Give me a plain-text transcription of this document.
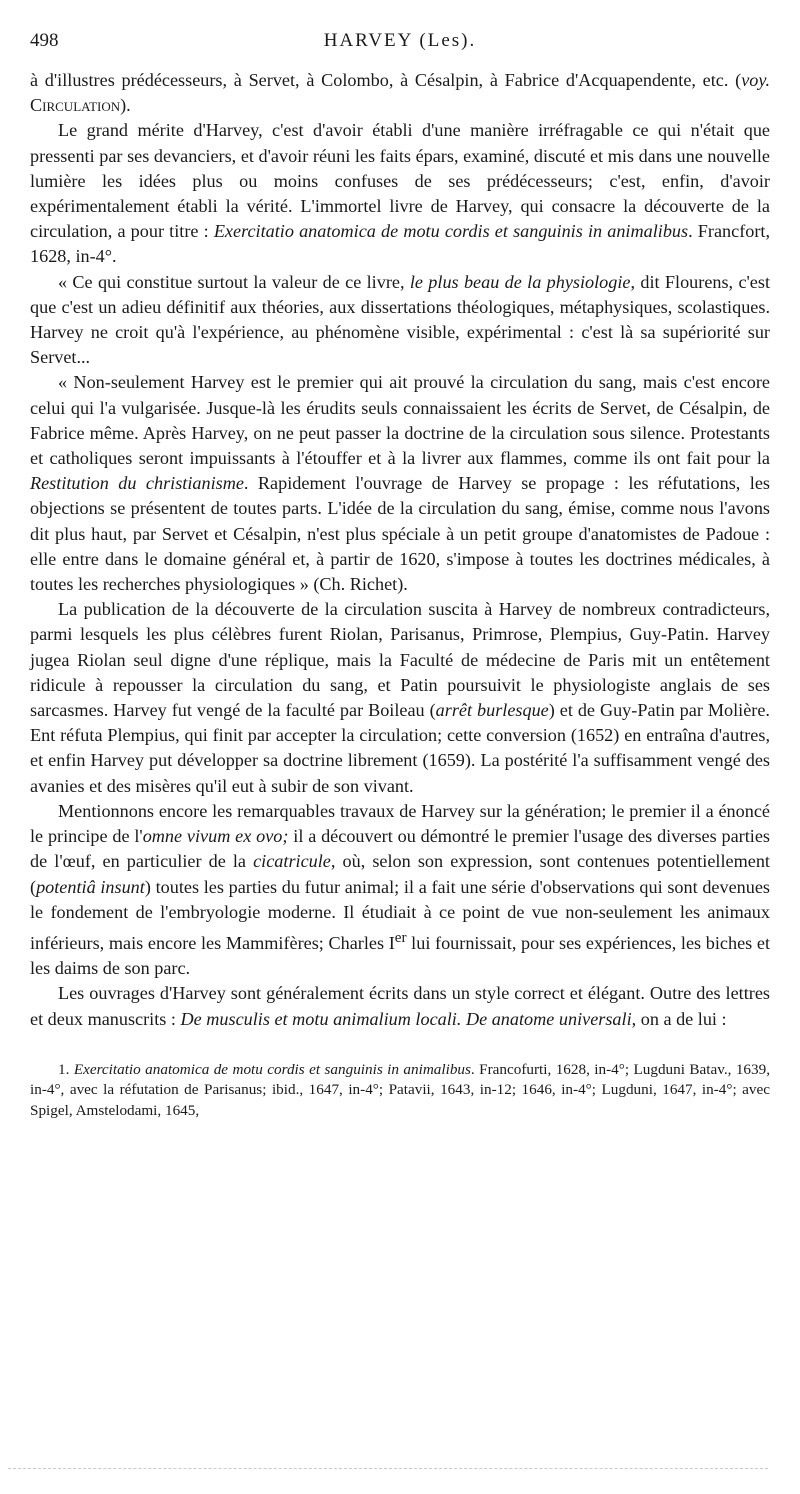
498	HARVEY (Les).

à d'illustres prédécesseurs, à Servet, à Colombo, à Césalpin, à Fabrice d'Acquapendente, etc. (voy. Circulation).

Le grand mérite d'Harvey, c'est d'avoir établi d'une manière irréfragable ce qui n'était que pressenti par ses devanciers, et d'avoir réuni les faits épars, examiné, discuté et mis dans une nouvelle lumière les idées plus ou moins confuses de ses prédécesseurs; c'est, enfin, d'avoir expérimentalement établi la vérité. L'immortel livre de Harvey, qui consacre la découverte de la circulation, a pour titre : Exercitatio anatomica de motu cordis et sanguinis in animalibus. Francfort, 1628, in-4°.

« Ce qui constitue surtout la valeur de ce livre, le plus beau de la physiologie, dit Flourens, c'est que c'est un adieu définitif aux théories, aux dissertations théologiques, métaphysiques, scolastiques. Harvey ne croit qu'à l'expérience, au phénomène visible, expérimental : c'est là sa supériorité sur Servet...

« Non-seulement Harvey est le premier qui ait prouvé la circulation du sang, mais c'est encore celui qui l'a vulgarisée. Jusque-là les érudits seuls connaissaient les écrits de Servet, de Césalpin, de Fabrice même. Après Harvey, on ne peut passer la doctrine de la circulation sous silence. Protestants et catholiques seront impuissants à l'étouffer et à la livrer aux flammes, comme ils ont fait pour la Restitution du christianisme. Rapidement l'ouvrage de Harvey se propage : les réfutations, les objections se présentent de toutes parts. L'idée de la circulation du sang, émise, comme nous l'avons dit plus haut, par Servet et Césalpin, n'est plus spéciale à un petit groupe d'anatomistes de Padoue : elle entre dans le domaine général et, à partir de 1620, s'impose à toutes les doctrines médicales, à toutes les recherches physiologiques » (Ch. Richet).

La publication de la découverte de la circulation suscita à Harvey de nombreux contradicteurs, parmi lesquels les plus célèbres furent Riolan, Parisanus, Primrose, Plempius, Guy-Patin. Harvey jugea Riolan seul digne d'une réplique, mais la Faculté de médecine de Paris mit un entêtement ridicule à repousser la circulation du sang, et Patin poursuivit le physiologiste anglais de ses sarcasmes. Harvey fut vengé de la faculté par Boileau (arrêt burlesque) et de Guy-Patin par Molière. Ent réfuta Plempius, qui finit par accepter la circulation; cette conversion (1652) en entraîna d'autres, et enfin Harvey put développer sa doctrine librement (1659). La postérité l'a suffisamment vengé des avanies et des misères qu'il eut à subir de son vivant.

Mentionnons encore les remarquables travaux de Harvey sur la génération; le premier il a énoncé le principe de l'omne vivum ex ovo; il a découvert ou démontré le premier l'usage des diverses parties de l'œuf, en particulier de la cicatricule, où, selon son expression, sont contenues potentiellement (potentiâ insunt) toutes les parties du futur animal; il a fait une série d'observations qui sont devenues le fondement de l'embryologie moderne. Il étudiait à ce point de vue non-seulement les animaux inférieurs, mais encore les Mammifères; Charles Ier lui fournissait, pour ses expériences, les biches et les daims de son parc.

Les ouvrages d'Harvey sont généralement écrits dans un style correct et élégant. Outre des lettres et deux manuscrits : De musculis et motu animalium locali. De anatome universali, on a de lui :

1. Exercitatio anatomica de motu cordis et sanguinis in animalibus. Francofurti, 1628, in-4°; Lugduni Batav., 1639, in-4°, avec la réfutation de Parisanus; ibid., 1647, in-4°; Patavii, 1643, in-12; 1646, in-4°; Lugduni, 1647, in-4°; avec Spigel, Amstelodami, 1645,
